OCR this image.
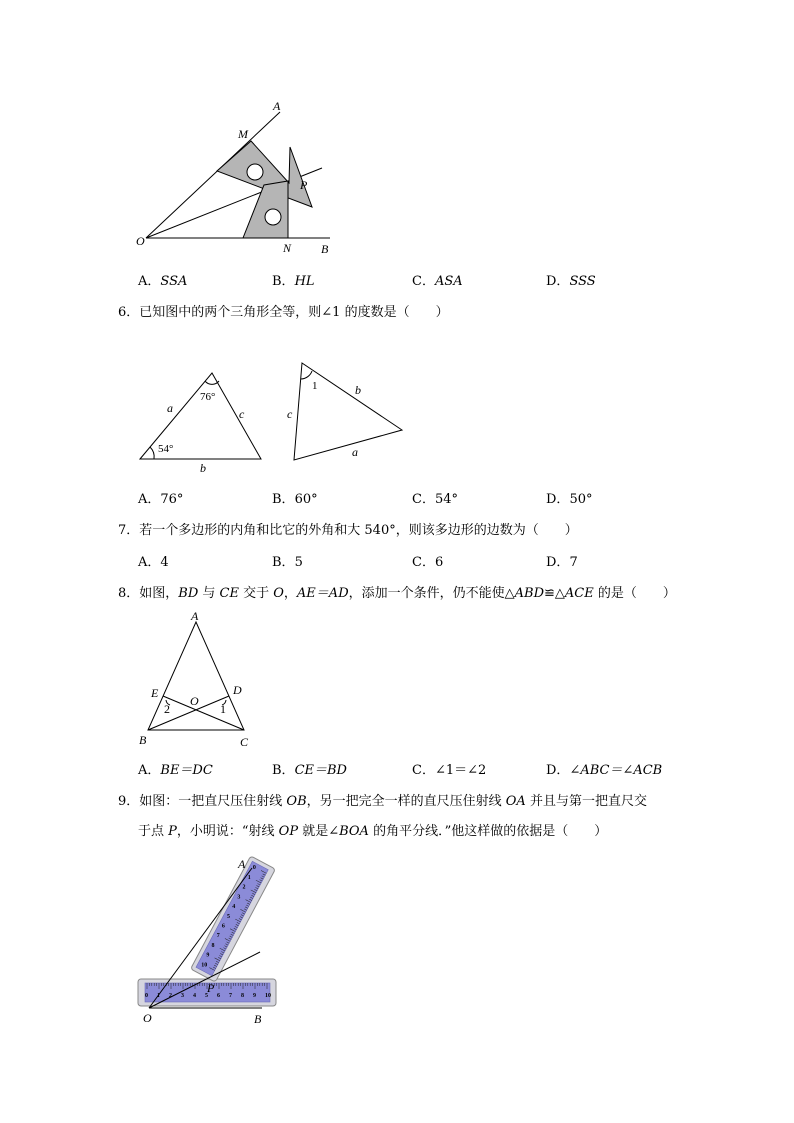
A
M
P
O	N B
A．SSA	B．HL	C．ASA	D．SSS
6．已知图中的两个三角形全等，则∠1 的度数是（　　）
a	c
b
b
c
a
76°
54°
1
A．76°	B．60°	C．54°	D．50°
7．若一个多边形的内角和比它的外角和大 540°，则该多边形的边数为（　　）
A．4	B．5	C．6	D．7
8．如图，BD 与 CE 交于 O，AE＝AD，添加一个条件，仍不能使△ABD≌△ACE 的是（　　）
A
E	D
O
B	C
2	1
A．BE＝DC	B．CE＝BD	C．∠1＝∠2	D．∠ABC＝∠ACB
9．如图：一把直尺压住射线 OB，另一把完全一样的直尺压住射线 OA 并且与第一把直尺交
于点 P，小明说：“射线 OP 就是∠BOA 的角平分线．”他这样做的依据是（　　）
0 1 2 3 4 5 6 7 8 9 10
0
1
2
3
4
5
6
7
8
9
10
A
O	B
P
